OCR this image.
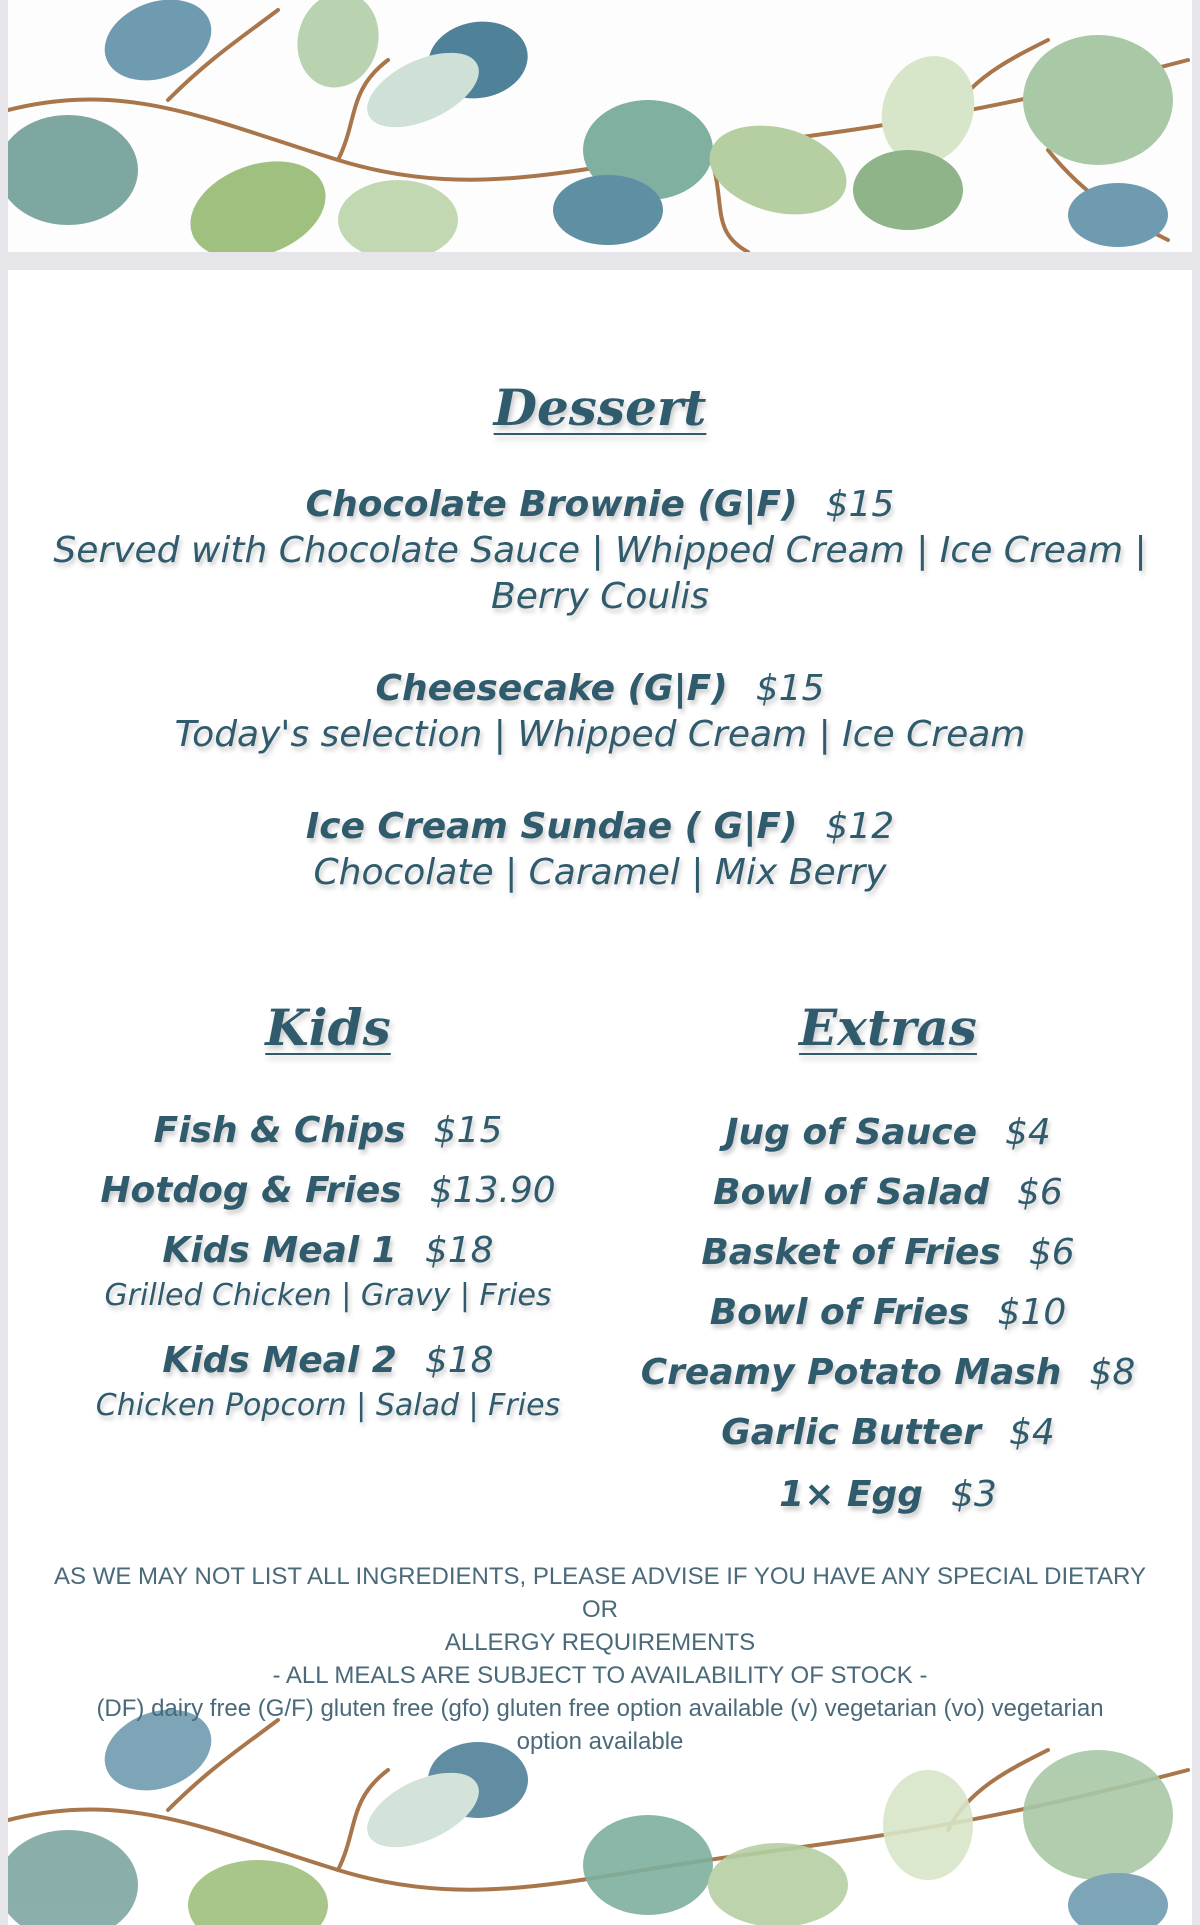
Dessert
Chocolate Brownie (G|F) $15
Served with Chocolate Sauce | Whipped Cream | Ice Cream |
Berry Coulis
Cheesecake (G|F) $15
Today's selection | Whipped Cream | Ice Cream
Ice Cream Sundae ( G|F) $12
Chocolate | Caramel | Mix Berry
Kids
Fish & Chips $15
Hotdog & Fries $13.90
Kids Meal 1 $18
Grilled Chicken | Gravy | Fries
Kids Meal 2 $18
Chicken Popcorn | Salad | Fries
Extras
Jug of Sauce $4
Bowl of Salad $6
Basket of Fries $6
Bowl of Fries $10
Creamy Potato Mash $8
Garlic Butter $4
1× Egg $3
AS WE MAY NOT LIST ALL INGREDIENTS, PLEASE ADVISE IF YOU HAVE ANY SPECIAL DIETARY OR
ALLERGY REQUIREMENTS
- ALL MEALS ARE SUBJECT TO AVAILABILITY OF STOCK -
(DF) dairy free (G/F) gluten free (gfo) gluten free option available (v) vegetarian (vo) vegetarian
option available
